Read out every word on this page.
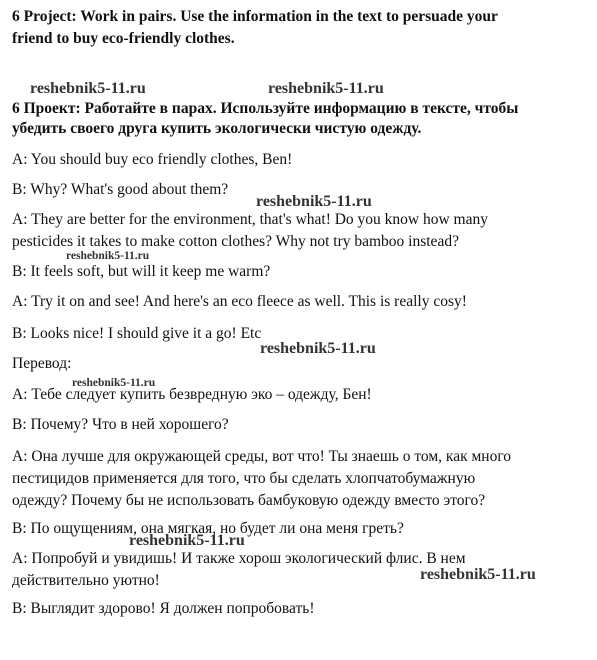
6 Project: Work in pairs. Use the information in the text to persuade your
friend to buy eco-friendly clothes.
reshebnik5-11.ru	reshebnik5-11.ru
6 Проект: Работайте в парах. Используйте информацию в тексте, чтобы
убедить своего друга купить экологически чистую одежду.
A: You should buy eco friendly clothes, Ben!
B: Why? What's good about them?
A: They are better for the environment, that's what! Do you know how many
pesticides it takes to make cotton clothes? Why not try bamboo instead?
B: It feels soft, but will it keep me warm?
A: Try it on and see! And here's an eco fleece as well. This is really cosy!
B: Looks nice! I should give it a go! Etc
reshebnik5-11.ru
reshebnik5-11.ru
reshebnik5-11.ru
Перевод:
reshebnik5-11.ru
А: Тебе следует купить безвредную эко – одежду, Бен!
В: Почему? Что в ней хорошего?
А: Она лучше для окружающей среды, вот что! Ты знаешь о том, как много
пестицидов применяется для того, что бы сделать хлопчатобумажную
одежду? Почему бы не использовать бамбуковую одежду вместо этого?
В: По ощущениям, она мягкая, но будет ли она меня греть?
А: Попробуй и увидишь! И также хорош экологический флис. В нем
действительно уютно!
В: Выглядит здорово! Я должен попробовать!
reshebnik5-11.ru
reshebnik5-11.ru
